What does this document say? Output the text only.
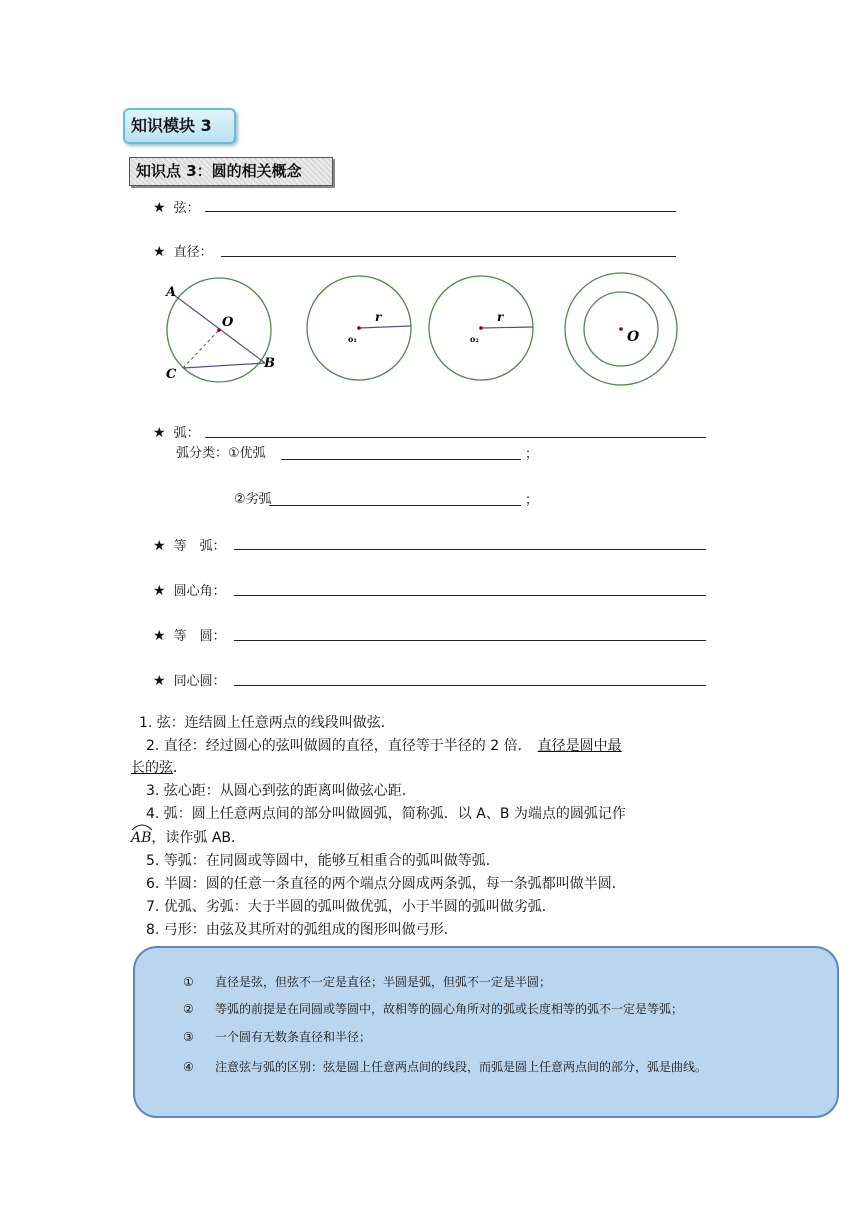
知识模块 3
知识点 3：圆的相关概念
★ 弦：
★ 直径：
A
O
C
B
r
o₁
r
o₂	O
★ 弧：
弧分类：①优弧	；
②劣弧	；
★ 等　弧：
★ 圆心角：
★ 等　圆：
★ 同心圆：
1. 弦：连结圆上任意两点的线段叫做弦．
2. 直径：经过圆心的弦叫做圆的直径，直径等于半径的 2 倍． 直径是圆中最
长的弦．
3. 弦心距：从圆心到弦的距离叫做弦心距．
4. 弧：圆上任意两点间的部分叫做圆弧，简称弧．以 A、B 为端点的圆弧记作
AB，读作弧 AB．
5. 等弧：在同圆或等圆中，能够互相重合的弧叫做等弧．
6. 半圆：圆的任意一条直径的两个端点分圆成两条弧，每一条弧都叫做半圆．
7. 优弧、劣弧：大于半圆的弧叫做优弧，小于半圆的弧叫做劣弧．
8. 弓形：由弦及其所对的弧组成的图形叫做弓形．
① 直径是弦，但弦不一定是直径；半圆是弧，但弧不一定是半圆；
② 等弧的前提是在同圆或等圆中，故相等的圆心角所对的弧或长度相等的弧不一定是等弧；
③ 一个圆有无数条直径和半径；
④ 注意弦与弧的区别：弦是圆上任意两点间的线段，而弧是圆上任意两点间的部分，弧是曲线。
